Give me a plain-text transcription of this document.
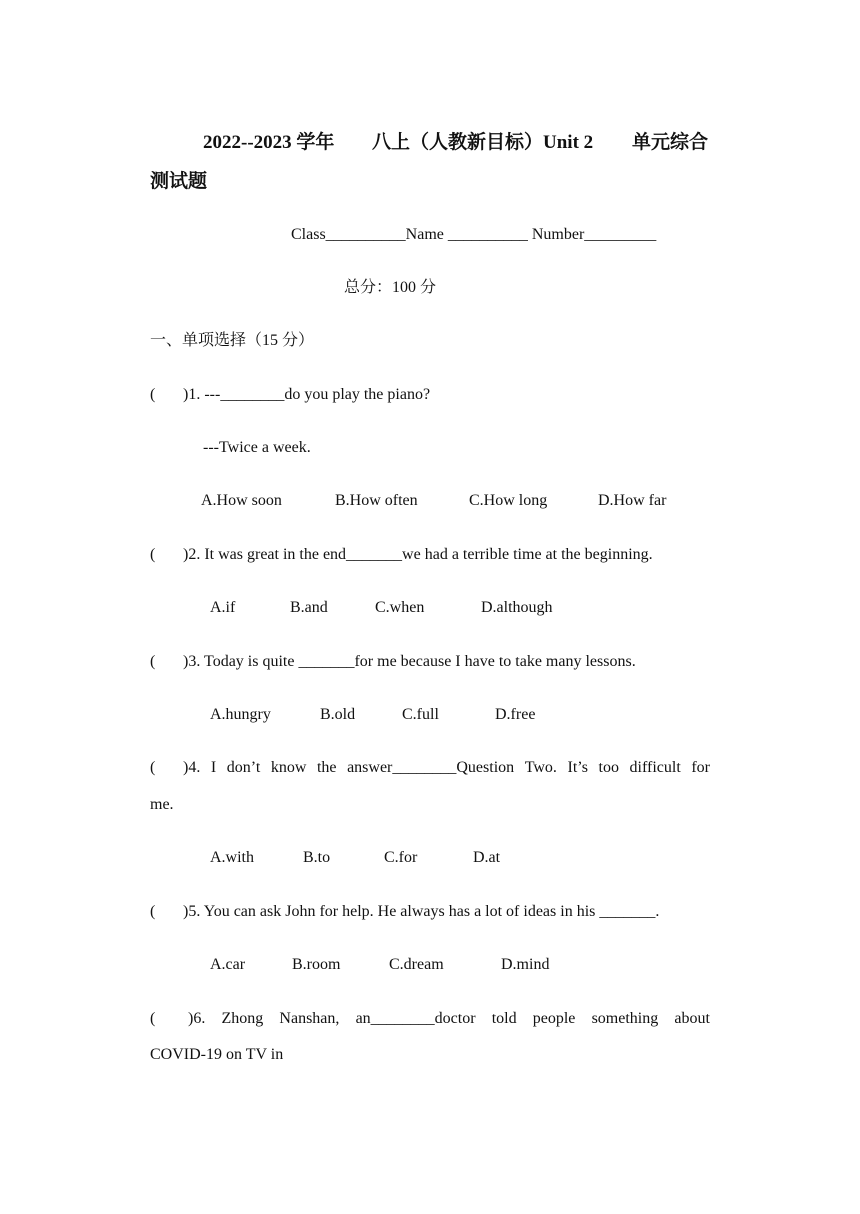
2022--2023 学年 八上（人教新目标）Unit 2 单元综合
测试题
Class__________Name __________ Number_________
总分：100 分
一、单项选择（15 分）
( )1. ---________do you play the piano?
---Twice a week.
A.How soon	B.How often	C.How long	D.How far
( )2. It was great in the end_______we had a terrible time at the beginning.
A.if	B.and	C.when	D.although
( )3. Today is quite _______for me because I have to take many lessons.
A.hungry	B.old	C.full	D.free
(	)4. I don’t know the answer________Question Two. It’s too difficult for
me.
A.with	B.to	C.for	D.at
( )5. You can ask John for help. He always has a lot of ideas in his _______.
A.car	B.room	C.dream	D.mind
(	)6. Zhong Nanshan, an________doctor told people something about
COVID-19 on TV in
